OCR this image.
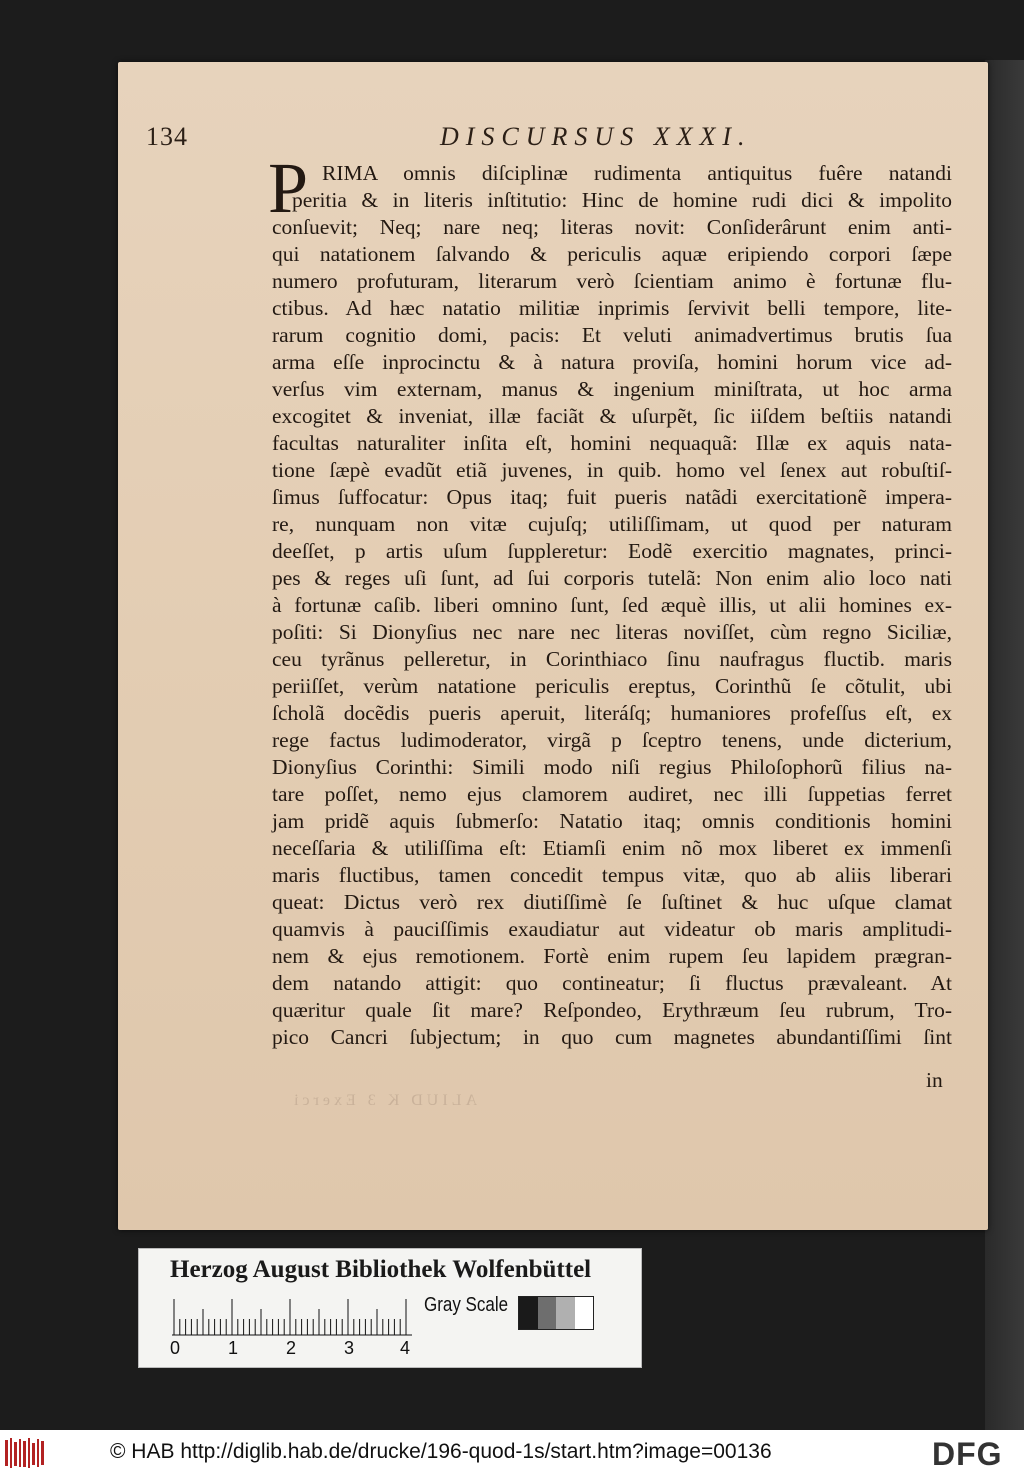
134	DISCURSUS XXXI.
P RIMA omnis diſciplinæ rudimenta antiquitus fuêre natandi
peritia & in literis inſtitutio: Hinc de homine rudi dici & impolito
conſuevit; Neq; nare neq; literas novit: Conſiderârunt enim anti-
qui natationem ſalvando & periculis aquæ eripiendo corpori ſæpe
numero profuturam, literarum verò ſcientiam animo è fortunæ flu-
ctibus. Ad hæc natatio militiæ inprimis ſervivit belli tempore, lite-
rarum cognitio domi, pacis: Et veluti animadvertimus brutis ſua
arma eſſe inprocinctu & à natura proviſa, homini horum vice ad-
verſus vim externam, manus & ingenium miniſtrata, ut hoc arma
excogitet & inveniat, illæ faciãt & uſurpẽt, ſic iiſdem beſtiis natandi
facultas naturaliter inſita eſt, homini nequaquã: Illæ ex aquis nata-
tione ſæpè evadũt etiã juvenes, in quib. homo vel ſenex aut robuſtiſ-
ſimus ſuffocatur: Opus itaq; fuit pueris natãdi exercitationẽ impera-
re, nunquam non vitæ cujuſq; utiliſſimam, ut quod per naturam
deeſſet, p artis uſum ſuppleretur: Eodẽ exercitio magnates, princi-
pes & reges uſi ſunt, ad ſui corporis tutelã: Non enim alio loco nati
à fortunæ caſib. liberi omnino ſunt, ſed æquè illis, ut alii homines ex-
poſiti: Si Dionyſius nec nare nec literas noviſſet, cùm regno Siciliæ,
ceu tyrãnus pelleretur, in Corinthiaco ſinu naufragus fluctib. maris
periiſſet, verùm natatione periculis ereptus, Corinthũ ſe cõtulit, ubi
ſcholã docẽdis pueris aperuit, literáſq; humaniores profeſſus eſt, ex
rege factus ludimoderator, virgã p ſceptro tenens, unde dicterium,
Dionyſius Corinthi: Simili modo niſi regius Philoſophorũ filius na-
tare poſſet, nemo ejus clamorem audiret, nec illi ſuppetias ferret
jam pridẽ aquis ſubmerſo: Natatio itaq; omnis conditionis homini
neceſſaria & utiliſſima eſt: Etiamſi enim nõ mox liberet ex immenſi
maris fluctibus, tamen concedit tempus vitæ, quo ab aliis liberari
queat: Dictus verò rex diutiſſimè ſe ſuſtinet & huc uſque clamat
quamvis à pauciſſimis exaudiatur aut videatur ob maris amplitudi-
nem & ejus remotionem. Fortè enim rupem ſeu lapidem prægran-
dem natando attigit: quo contineatur; ſi fluctus prævaleant. At
quæritur quale ſit mare? Reſpondeo, Erythræum ſeu rubrum, Tro-
pico Cancri ſubjectum; in quo cum magnetes abundantiſſimi ſint
in
ALIUD K 3 Exerci
Herzog August Bibliothek Wolfenbüttel
0	1	2	3	4
Gray Scale
© HAB http://diglib.hab.de/drucke/196-quod-1s/start.htm?image=00136	DFG
